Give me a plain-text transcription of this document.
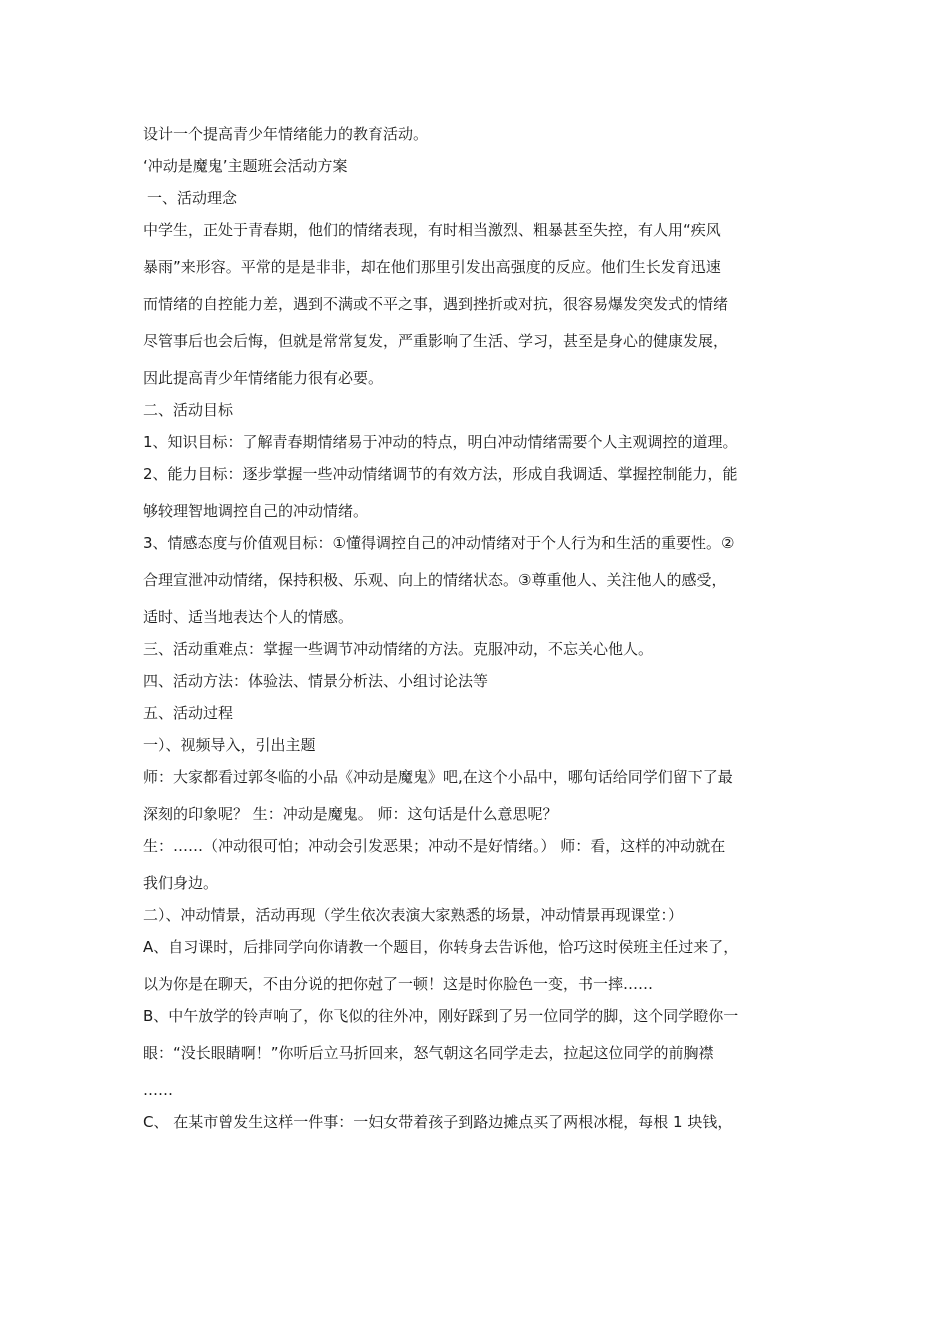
设计一个提高青少年情绪能力的教育活动。
‘冲动是魔鬼’主题班会活动方案
一、活动理念
中学生，正处于青春期，他们的情绪表现，有时相当激烈、粗暴甚至失控，有人用“疾风
暴雨”来形容。平常的是是非非，却在他们那里引发出高强度的反应。他们生长发育迅速
而情绪的自控能力差，遇到不满或不平之事，遇到挫折或对抗，很容易爆发突发式的情绪
尽管事后也会后悔，但就是常常复发，严重影响了生活、学习，甚至是身心的健康发展，
因此提高青少年情绪能力很有必要。
二、活动目标
1、知识目标：了解青春期情绪易于冲动的特点，明白冲动情绪需要个人主观调控的道理。
2、能力目标：逐步掌握一些冲动情绪调节的有效方法，形成自我调适、掌握控制能力，能
够较理智地调控自己的冲动情绪。
3、情感态度与价值观目标：①懂得调控自己的冲动情绪对于个人行为和生活的重要性。②
合理宣泄冲动情绪，保持积极、乐观、向上的情绪状态。③尊重他人、关注他人的感受，
适时、适当地表达个人的情感。
三、活动重难点：掌握一些调节冲动情绪的方法。克服冲动，不忘关心他人。
四、活动方法：体验法、情景分析法、小组讨论法等
五、活动过程
一）、视频导入，引出主题
师：大家都看过郭冬临的小品《冲动是魔鬼》吧,在这个小品中，哪句话给同学们留下了最
深刻的印象呢？ 生：冲动是魔鬼。 师：这句话是什么意思呢？
生：……（冲动很可怕；冲动会引发恶果；冲动不是好情绪。） 师：看，这样的冲动就在
我们身边。
二）、冲动情景，活动再现（学生依次表演大家熟悉的场景，冲动情景再现课堂：）
A、自习课时，后排同学向你请教一个题目，你转身去告诉他，恰巧这时侯班主任过来了，
以为你是在聊天，不由分说的把你尅了一顿！这是时你脸色一变，书一摔……
B、中午放学的铃声响了，你飞似的往外冲，刚好踩到了另一位同学的脚，这个同学瞪你一
眼：“没长眼睛啊！”你听后立马折回来，怒气朝这名同学走去，拉起这位同学的前胸襟
……
C、 在某市曾发生这样一件事：一妇女带着孩子到路边摊点买了两根冰棍，每根 1 块钱，
